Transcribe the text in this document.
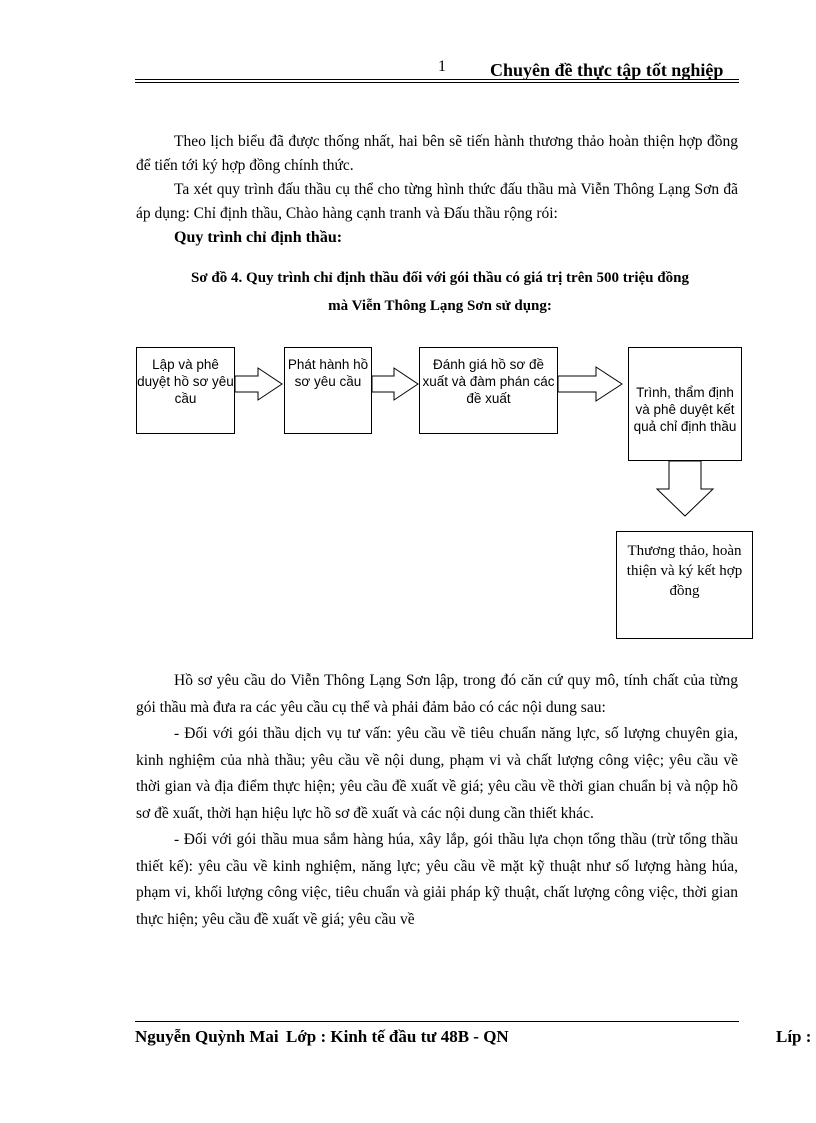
1 Chuyên đề thực tập tốt nghiệp

Theo lịch biểu đã được thống nhất, hai bên sẽ tiến hành thương thảo hoàn thiện hợp đồng để tiến tới ký hợp đồng chính thức.

Ta xét quy trình đấu thầu cụ thể cho từng hình thức đấu thầu mà Viễn Thông Lạng Sơn đã áp dụng: Chỉ định thầu, Chào hàng cạnh tranh và Đấu thầu rộng rói:

Quy trình chỉ định thầu:

Sơ đồ 4. Quy trình chỉ định thầu đối với gói thầu có giá trị trên 500 triệu đồng
mà Viễn Thông Lạng Sơn sử dụng:
Lập và phê duyệt hồ sơ yêu cầu
Phát hành hồ sơ yêu cầu
Đánh giá hồ sơ đề xuất và đàm phán các đề xuất	Trình, thẩm định và phê duyệt kết quả chỉ định thầu
Thương thảo, hoàn thiện và ký kết hợp đồng

Hồ sơ yêu cầu do Viễn Thông Lạng Sơn lập, trong đó căn cứ quy mô, tính chất của từng gói thầu mà đưa ra các yêu cầu cụ thể và phải đảm bảo có các nội dung sau:

- Đối với gói thầu dịch vụ tư vấn: yêu cầu về tiêu chuẩn năng lực, số lượng chuyên gia, kinh nghiệm của nhà thầu; yêu cầu về nội dung, phạm vi và chất lượng công việc; yêu cầu về thời gian và địa điểm thực hiện; yêu cầu đề xuất về giá; yêu cầu về thời gian chuẩn bị và nộp hồ sơ đề xuất, thời hạn hiệu lực hồ sơ đề xuất và các nội dung cần thiết khác.

- Đối với gói thầu mua sắm hàng húa, xây lắp, gói thầu lựa chọn tổng thầu (trừ tổng thầu thiết kế): yêu cầu về kinh nghiệm, năng lực; yêu cầu về mặt kỹ thuật như số lượng hàng húa, phạm vi, khối lượng công việc, tiêu chuẩn và giải pháp kỹ thuật, chất lượng công việc, thời gian thực hiện; yêu cầu đề xuất về giá; yêu cầu về

Nguyễn Quỳnh Mai Lớp : Kinh tế đầu tư 48B - QN	Líp :
